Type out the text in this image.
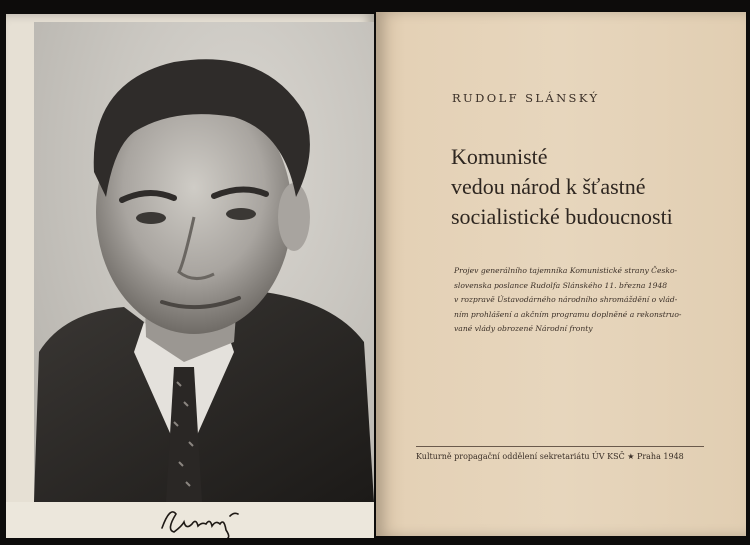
RUDOLF SLÁNSKÝ
Komunisté
vedou národ k šťastné
socialistické budoucnosti
Projev generálního tajemníka Komunistické strany Česko-
slovenska poslance Rudolfa Slánského 11. března 1948
v rozpravě Ústavodárného národního shromáždění o vlád-
ním prohlášení a akčním programu doplněné a rekonstruo-
vané vlády obrozené Národní fronty
Kulturně propagační oddělení sekretariátu ÚV KSČ ★ Praha 1948
